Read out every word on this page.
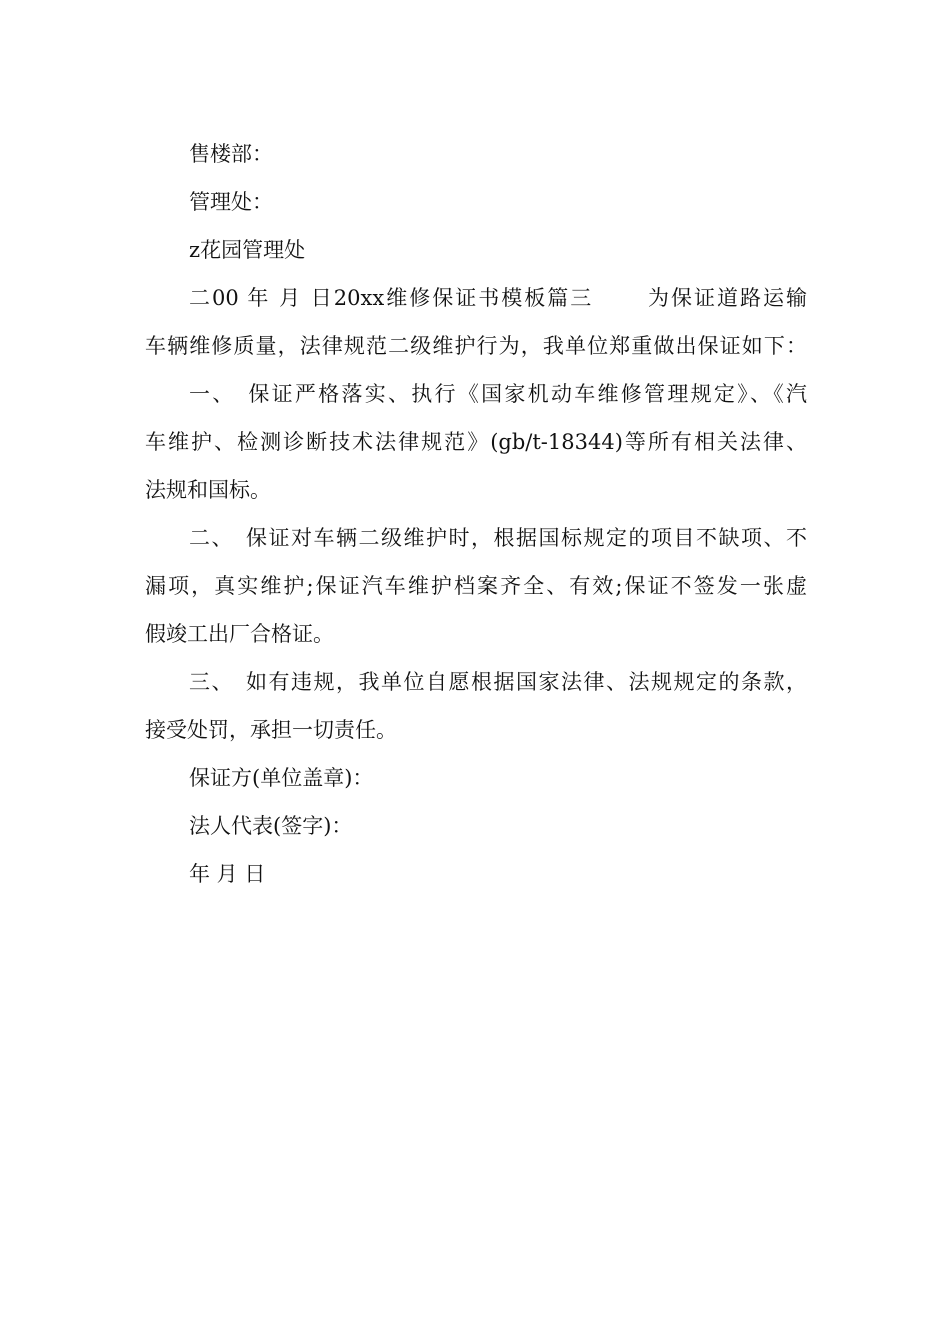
售楼部：
管理处：
z花园管理处
二00 年 月 日20xx维修保证书模板篇三　　 为保证道路运输
车辆维修质量，法律规范二级维护行为，我单位郑重做出保证如下：
一、　保证严格落实、执行《国家机动车维修管理规定》、《汽
车维护、检测诊断技术法律规范》(gb/t-18344)等所有相关法律、
法规和国标。
二、　保证对车辆二级维护时，根据国标规定的项目不缺项、不
漏项，真实维护;保证汽车维护档案齐全、有效;保证不签发一张虚
假竣工出厂合格证。
三、　如有违规，我单位自愿根据国家法律、法规规定的条款，
接受处罚，承担一切责任。
保证方(单位盖章)：
法人代表(签字)：
年 月 日
